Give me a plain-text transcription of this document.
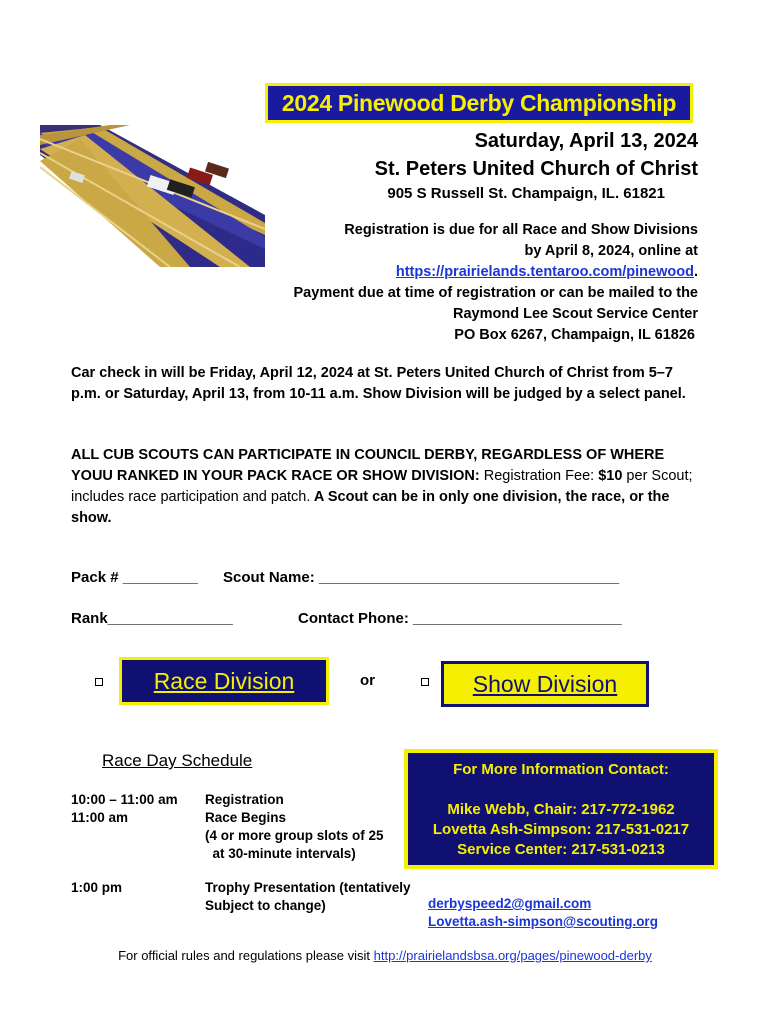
2024 Pinewood Derby Championship
Saturday, April 13, 2024
St. Peters United Church of Christ
905 S Russell St. Champaign, IL. 61821
Registration is due for all Race and Show Divisions
by April 8, 2024, online at
https://prairielands.tentaroo.com/pinewood.
Payment due at time of registration or can be mailed to the
Raymond Lee Scout Service Center
PO Box 6267, Champaign, IL 61826
Car check in will be Friday, April 12, 2024 at St. Peters United Church of Christ from 5–7 p.m. or Saturday, April 13, from 10-11 a.m. Show Division will be judged by a select panel.
ALL CUB SCOUTS CAN PARTICIPATE IN COUNCIL DERBY, REGARDLESS OF WHERE YOUU RANKED IN YOUR PACK RACE OR SHOW DIVISION: Registration Fee: $10 per Scout; includes race participation and patch. A Scout can be in only one division, the race, or the show.
Pack # _________ Scout Name: ____________________________________
Rank_______________	Contact Phone: _________________________
Race Division	or	Show Division
Race Day Schedule
10:00 – 11:00 am Registration
11:00 am	Race Begins
(4 or more group slots of 25
at 30-minute intervals)
1:00 pm	Trophy Presentation (tentatively
Subject to change)
For More Information Contact:
Mike Webb, Chair: 217-772-1962
Lovetta Ash-Simpson: 217-531-0217
Service Center: 217-531-0213
derbyspeed2@gmail.com
Lovetta.ash-simpson@scouting.org
For official rules and regulations please visit http://prairielandsbsa.org/pages/pinewood-derby
